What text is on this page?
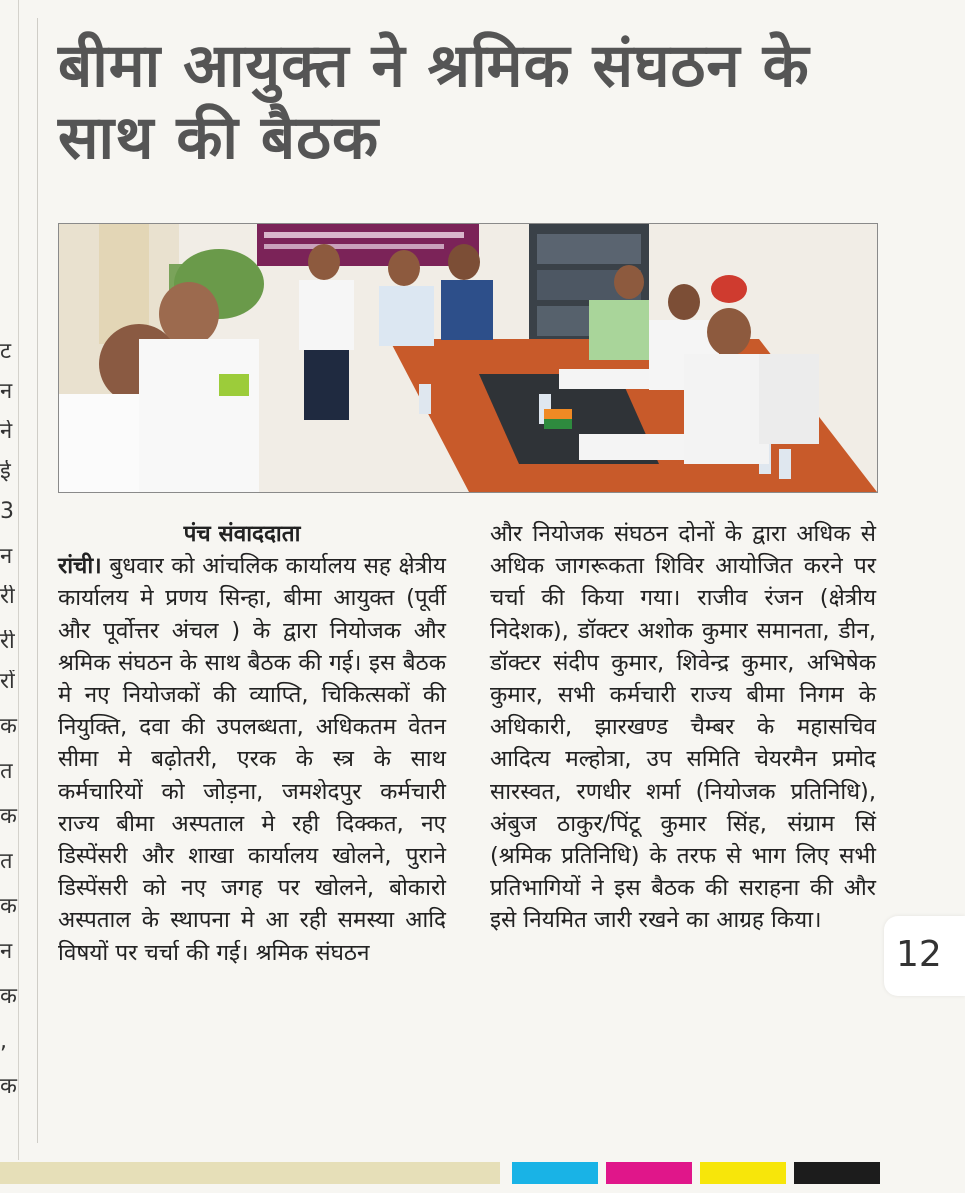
ट
न
ने
ई
3
न
री
री
रों
क
त
क
त
क
न
क
,
क
बीमा आयुक्त ने श्रमिक संघठन के साथ की बैठक
पंच संवाददाता

रांची। बुधवार को आंचलिक कार्यालय सह क्षेत्रीय कार्यालय मे प्रणय सिन्हा, बीमा आयुक्त (पूर्वी और पूर्वोत्तर अंचल ) के द्वारा नियोजक और श्रमिक संघठन के साथ बैठक की गई। इस बैठक मे नए नियोजकों की व्याप्ति, चिकित्सकों की नियुक्ति, दवा की उपलब्धता, अधिकतम वेतन सीमा मे बढ़ोतरी, एरक के स्त्र के साथ कर्मचारियों को जोड़ना, जमशेदपुर कर्मचारी राज्य बीमा अस्पताल मे रही दिक्कत, नए डिस्पेंसरी और शाखा कार्यालय खोलने, पुराने डिस्पेंसरी को नए जगह पर खोलने, बोकारो अस्पताल के स्थापना मे आ रही समस्या आदि विषयों पर चर्चा की गई। श्रमिक संघठन

और नियोजक संघठन दोनों के द्वारा अधिक से अधिक जागरूकता शिविर आयोजित करने पर चर्चा की किया गया। राजीव रंजन (क्षेत्रीय निदेशक), डॉक्टर अशोक कुमार समानता, डीन, डॉक्टर संदीप कुमार, शिवेन्द्र कुमार, अभिषेक कुमार, सभी कर्मचारी राज्य बीमा निगम के अधिकारी, झारखण्ड चैम्बर के महासचिव आदित्य मल्होत्रा, उप समिति चेयरमैन प्रमोद सारस्वत, रणधीर शर्मा (नियोजक प्रतिनिधि), अंबुज ठाकुर/पिंटू कुमार सिंह, संग्राम सिं (श्रमिक प्रतिनिधि) के तरफ से भाग लिए सभी प्रतिभागियों ने इस बैठक की सराहना की और इसे नियमित जारी रखने का आग्रह किया।

12
